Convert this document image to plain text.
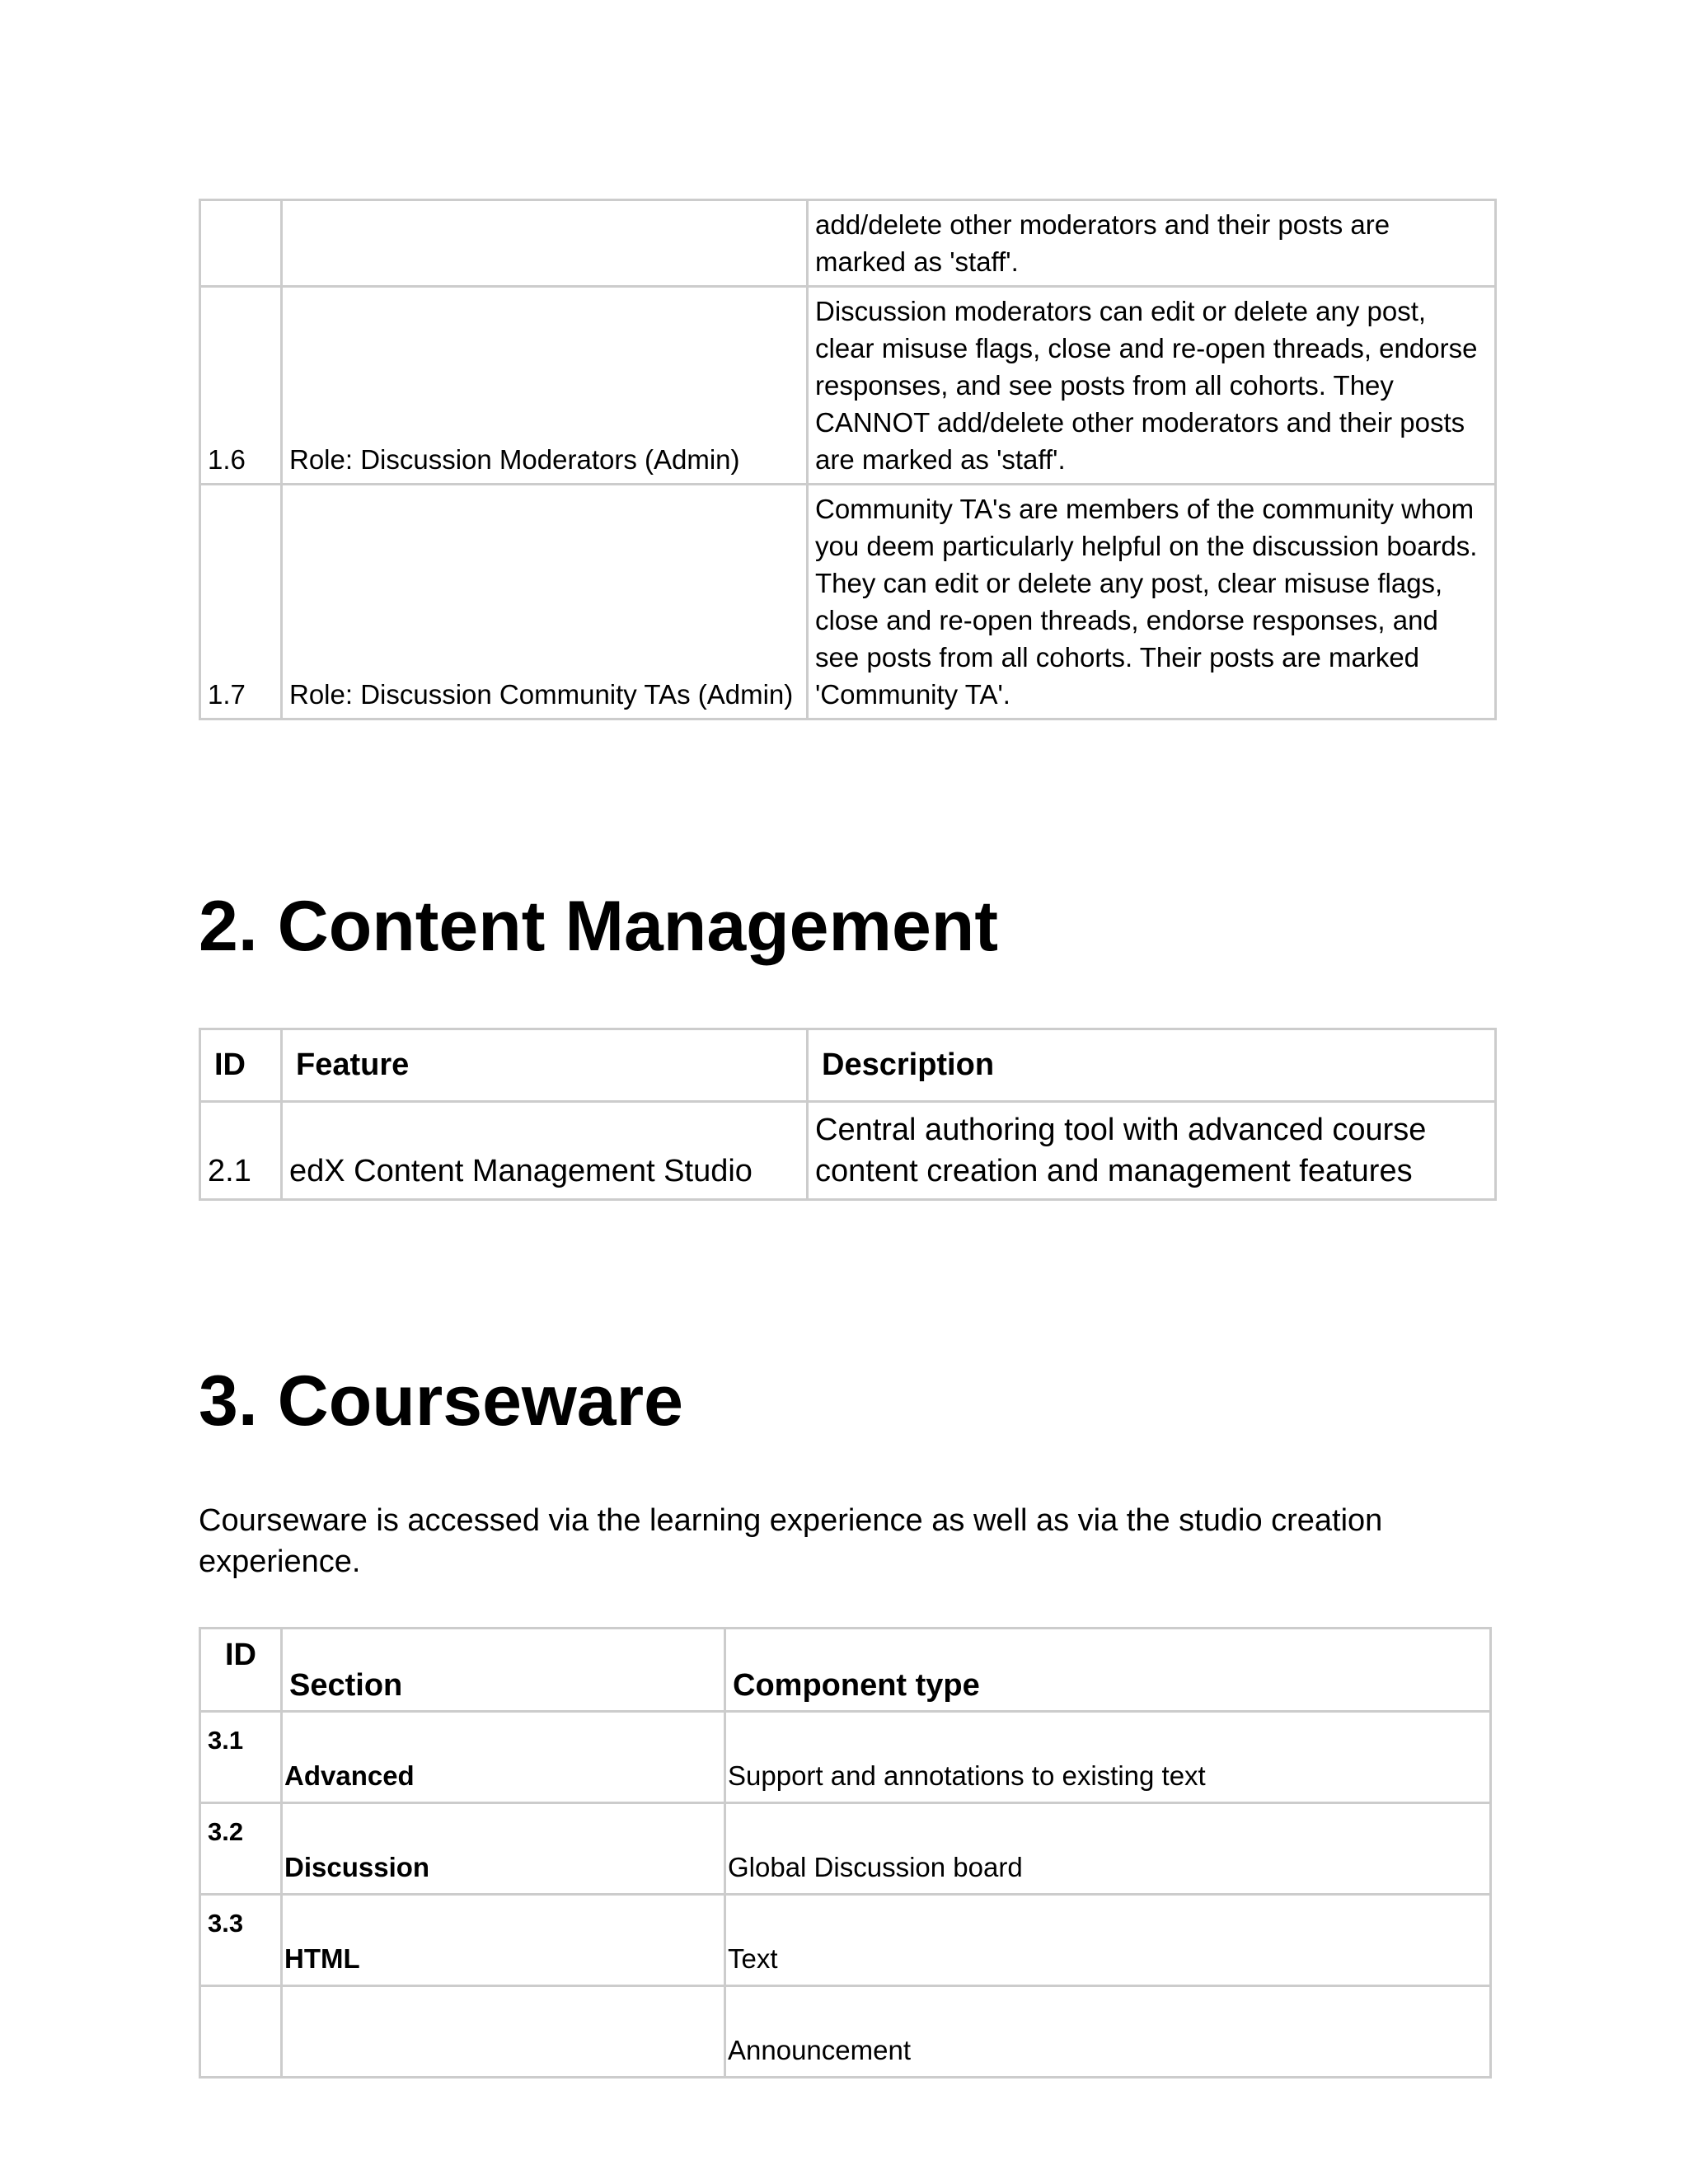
		add/delete other moderators and their posts are marked as 'staff'.
1.6	Role: Discussion Moderators (Admin)	Discussion moderators can edit or delete any post, clear misuse flags, close and re-open threads, endorse responses, and see posts from all cohorts. They CANNOT add/delete other moderators and their posts are marked as 'staff'.
1.7	Role: Discussion Community TAs (Admin)	Community TA's are members of the community whom you deem particularly helpful on the discussion boards. They can edit or delete any post, clear misuse flags, close and re-open threads, endorse responses, and see posts from all cohorts. Their posts are marked 'Community TA'.
2. Content Management
ID	Feature	Description
2.1	edX Content Management Studio	Central authoring tool with advanced course content creation and management features
3. Courseware

Courseware is accessed via the learning experience as well as via the studio creation experience.

ID	Section	Component type
3.1	Advanced	Support and annotations to existing text
3.2	Discussion	Global Discussion board
3.3	HTML	Text
		Announcement
